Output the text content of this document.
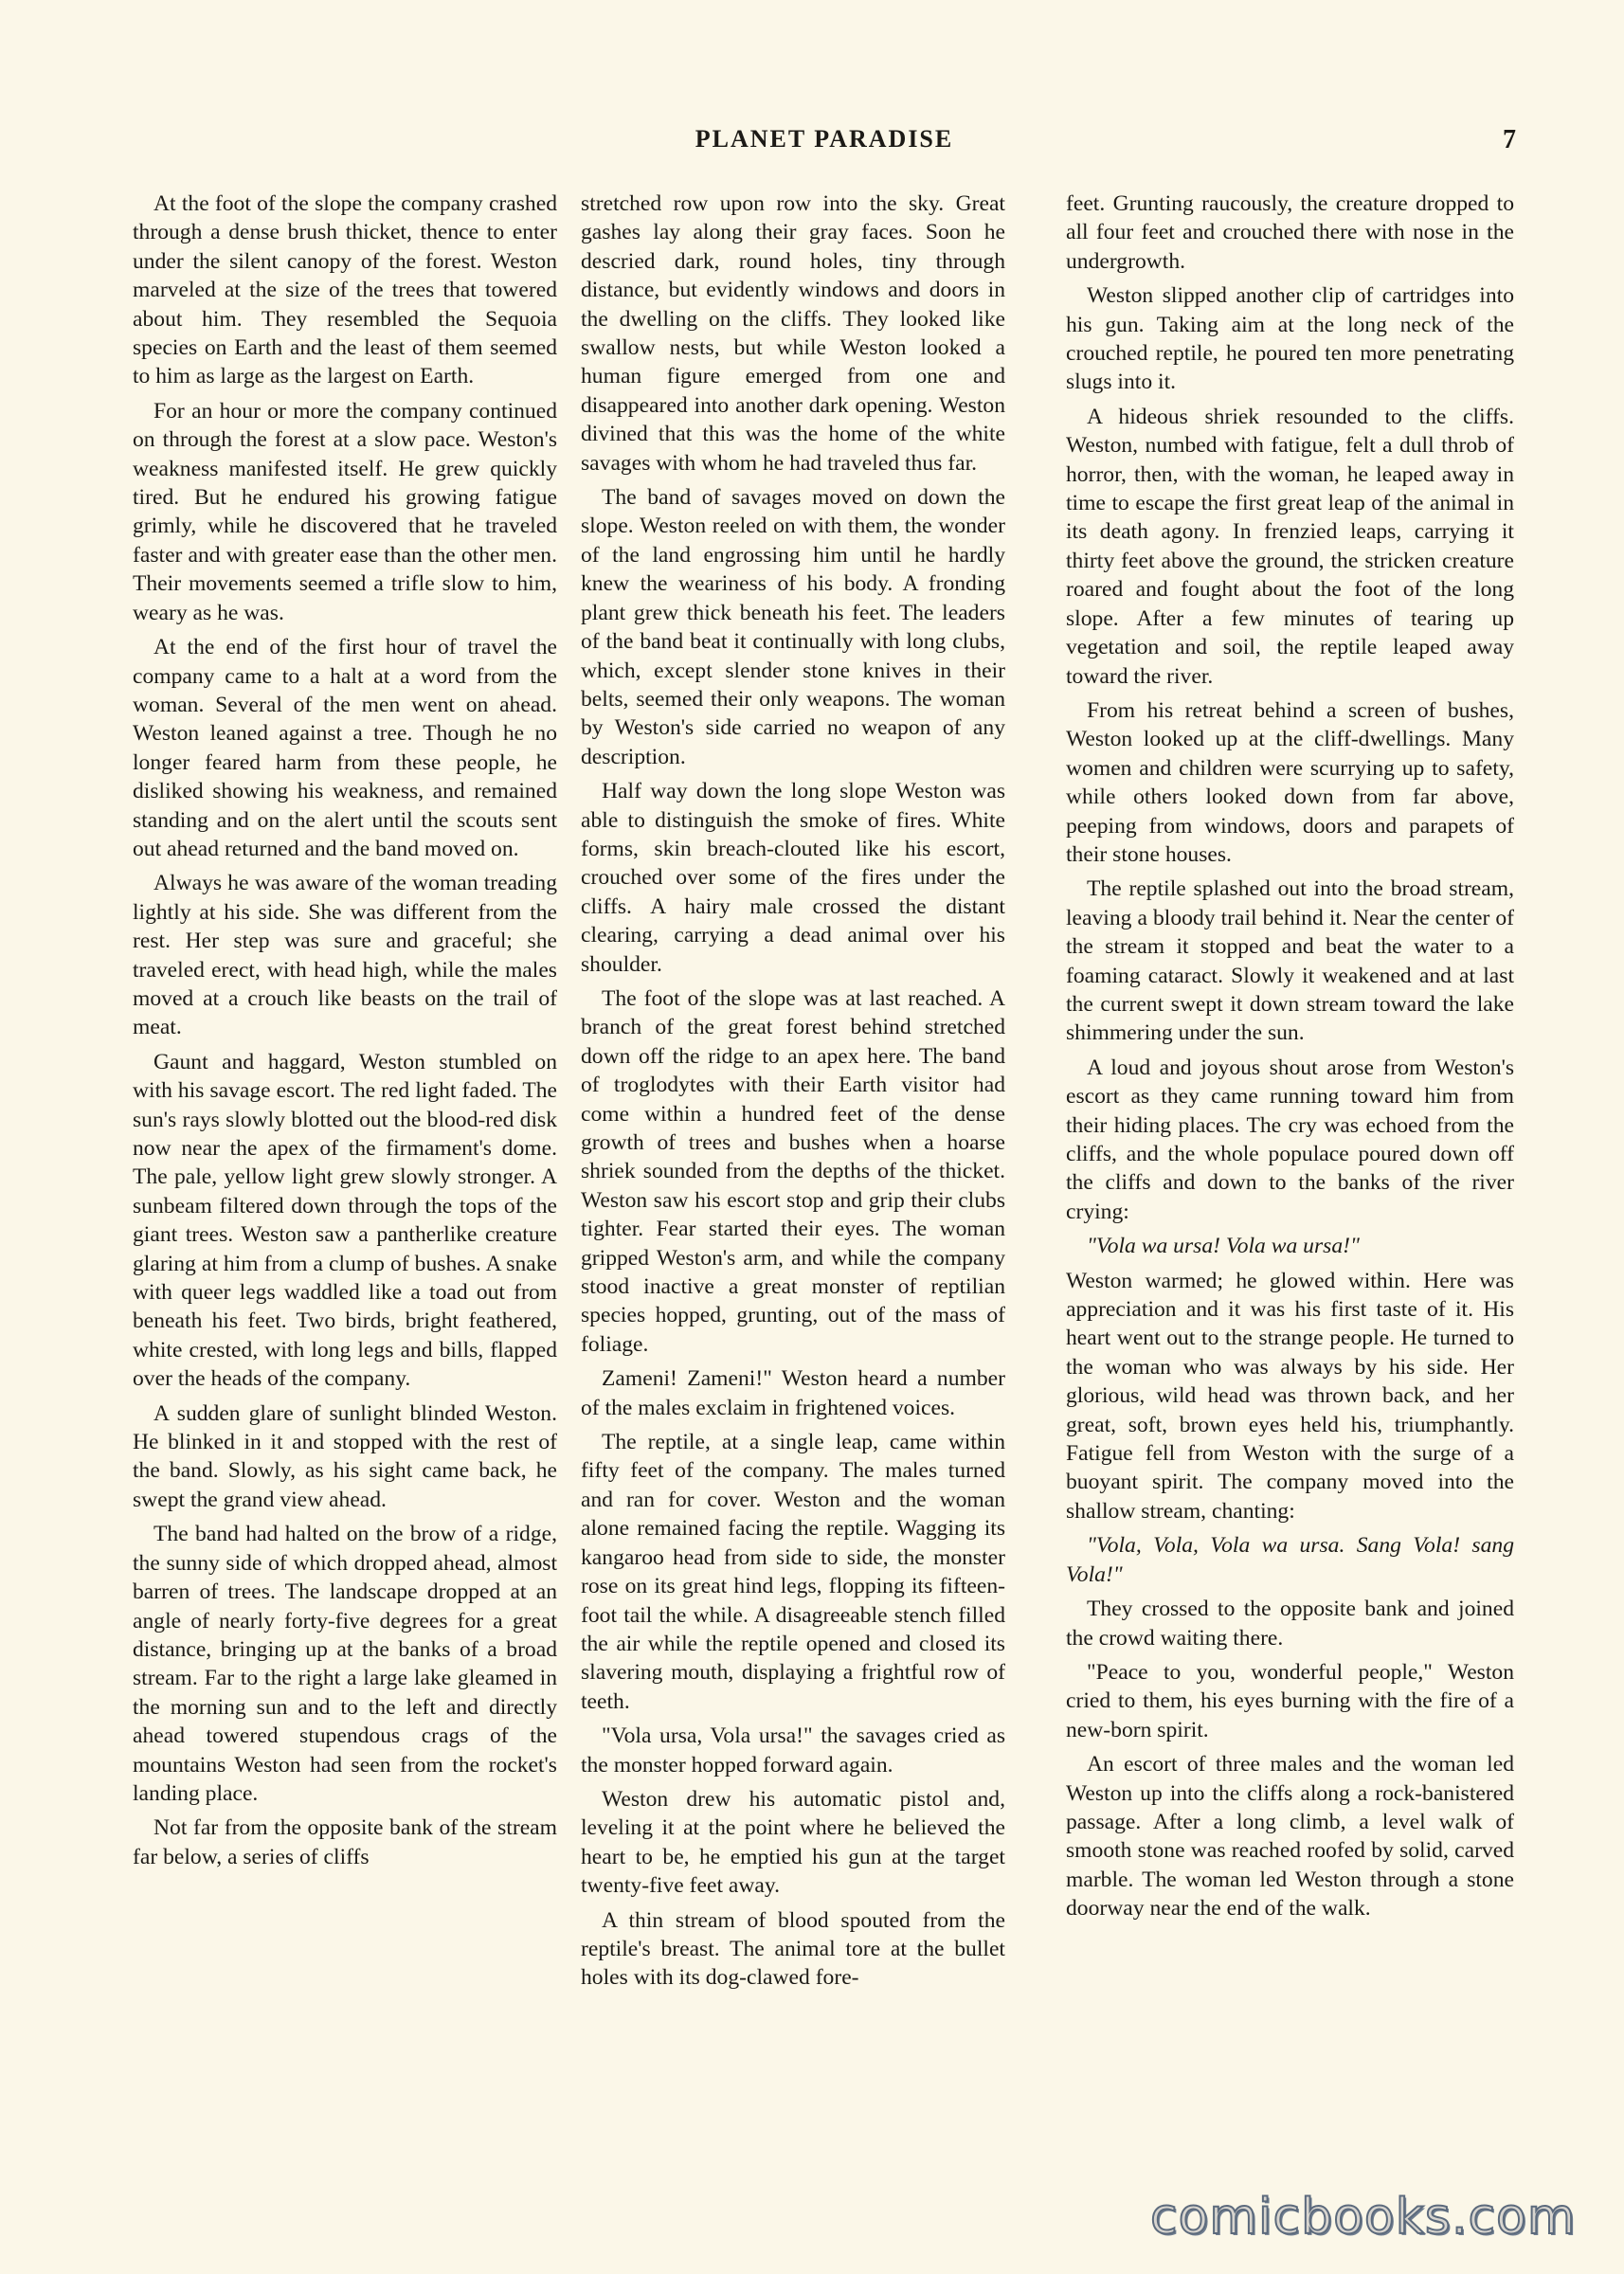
PLANET PARADISE	7

At the foot of the slope the company crashed through a dense brush thicket, thence to enter under the silent canopy of the forest. Weston marveled at the size of the trees that towered about him. They resembled the Sequoia species on Earth and the least of them seemed to him as large as the largest on Earth.

For an hour or more the company continued on through the forest at a slow pace. Weston's weakness manifested itself. He grew quickly tired. But he endured his growing fatigue grimly, while he discovered that he traveled faster and with greater ease than the other men. Their movements seemed a trifle slow to him, weary as he was.

At the end of the first hour of travel the company came to a halt at a word from the woman. Several of the men went on ahead. Weston leaned against a tree. Though he no longer feared harm from these people, he disliked showing his weakness, and remained standing and on the alert until the scouts sent out ahead returned and the band moved on.

Always he was aware of the woman treading lightly at his side. She was different from the rest. Her step was sure and graceful; she traveled erect, with head high, while the males moved at a crouch like beasts on the trail of meat.

Gaunt and haggard, Weston stumbled on with his savage escort. The red light faded. The sun's rays slowly blotted out the blood-red disk now near the apex of the firmament's dome. The pale, yellow light grew slowly stronger. A sunbeam filtered down through the tops of the giant trees. Weston saw a pantherlike creature glaring at him from a clump of bushes. A snake with queer legs waddled like a toad out from beneath his feet. Two birds, bright feathered, white crested, with long legs and bills, flapped over the heads of the company.

A sudden glare of sunlight blinded Weston. He blinked in it and stopped with the rest of the band. Slowly, as his sight came back, he swept the grand view ahead.

The band had halted on the brow of a ridge, the sunny side of which dropped ahead, almost barren of trees. The landscape dropped at an angle of nearly forty-five degrees for a great distance, bringing up at the banks of a broad stream. Far to the right a large lake gleamed in the morning sun and to the left and directly ahead towered stupendous crags of the mountains Weston had seen from the rocket's landing place.

Not far from the opposite bank of the stream far below, a series of cliffs

stretched row upon row into the sky. Great gashes lay along their gray faces. Soon he descried dark, round holes, tiny through distance, but evidently windows and doors in the dwelling on the cliffs. They looked like swallow nests, but while Weston looked a human figure emerged from one and disappeared into another dark opening. Weston divined that this was the home of the white savages with whom he had traveled thus far.

The band of savages moved on down the slope. Weston reeled on with them, the wonder of the land engrossing him until he hardly knew the weariness of his body. A fronding plant grew thick beneath his feet. The leaders of the band beat it continually with long clubs, which, except slender stone knives in their belts, seemed their only weapons. The woman by Weston's side carried no weapon of any description.

Half way down the long slope Weston was able to distinguish the smoke of fires. White forms, skin breach-clouted like his escort, crouched over some of the fires under the cliffs. A hairy male crossed the distant clearing, carrying a dead animal over his shoulder.

The foot of the slope was at last reached. A branch of the great forest behind stretched down off the ridge to an apex here. The band of troglodytes with their Earth visitor had come within a hundred feet of the dense growth of trees and bushes when a hoarse shriek sounded from the depths of the thicket. Weston saw his escort stop and grip their clubs tighter. Fear started their eyes. The woman gripped Weston's arm, and while the company stood inactive a great monster of reptilian species hopped, grunting, out of the mass of foliage.

Zameni! Zameni!" Weston heard a number of the males exclaim in frightened voices.

The reptile, at a single leap, came within fifty feet of the company. The males turned and ran for cover. Weston and the woman alone remained facing the reptile. Wagging its kangaroo head from side to side, the monster rose on its great hind legs, flopping its fifteen-foot tail the while. A disagreeable stench filled the air while the reptile opened and closed its slavering mouth, displaying a frightful row of teeth.

"Vola ursa, Vola ursa!" the savages cried as the monster hopped forward again.

Weston drew his automatic pistol and, leveling it at the point where he believed the heart to be, he emptied his gun at the target twenty-five feet away.

A thin stream of blood spouted from the reptile's breast. The animal tore at the bullet holes with its dog-clawed fore-

feet. Grunting raucously, the creature dropped to all four feet and crouched there with nose in the undergrowth.

Weston slipped another clip of cartridges into his gun. Taking aim at the long neck of the crouched reptile, he poured ten more penetrating slugs into it.

A hideous shriek resounded to the cliffs. Weston, numbed with fatigue, felt a dull throb of horror, then, with the woman, he leaped away in time to escape the first great leap of the animal in its death agony. In frenzied leaps, carrying it thirty feet above the ground, the stricken creature roared and fought about the foot of the long slope. After a few minutes of tearing up vegetation and soil, the reptile leaped away toward the river.

From his retreat behind a screen of bushes, Weston looked up at the cliff-dwellings. Many women and children were scurrying up to safety, while others looked down from far above, peeping from windows, doors and parapets of their stone houses.

The reptile splashed out into the broad stream, leaving a bloody trail behind it. Near the center of the stream it stopped and beat the water to a foaming cataract. Slowly it weakened and at last the current swept it down stream toward the lake shimmering under the sun.

A loud and joyous shout arose from Weston's escort as they came running toward him from their hiding places. The cry was echoed from the cliffs, and the whole populace poured down off the cliffs and down to the banks of the river crying:

"Vola wa ursa! Vola wa ursa!"

Weston warmed; he glowed within. Here was appreciation and it was his first taste of it. His heart went out to the strange people. He turned to the woman who was always by his side. Her glorious, wild head was thrown back, and her great, soft, brown eyes held his, triumphantly. Fatigue fell from Weston with the surge of a buoyant spirit. The company moved into the shallow stream, chanting:

"Vola, Vola, Vola wa ursa. Sang Vola! sang Vola!"

They crossed to the opposite bank and joined the crowd waiting there.

"Peace to you, wonderful people," Weston cried to them, his eyes burning with the fire of a new-born spirit.

An escort of three males and the woman led Weston up into the cliffs along a rock-banistered passage. After a long climb, a level walk of smooth stone was reached roofed by solid, carved marble. The woman led Weston through a stone doorway near the end of the walk.

comicbooks.com
